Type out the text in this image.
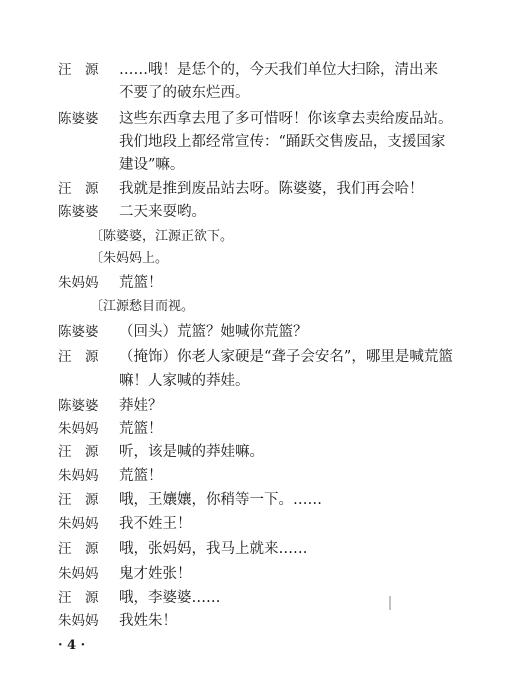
汪　源	……哦！是恁个的，今天我们单位大扫除，清出来
不要了的破东烂西。
陈婆婆	这些东西拿去甩了多可惜呀！你该拿去卖给废品站。
我们地段上都经常宣传：“踊跃交售废品，支援国家
建设”嘛。
汪　源	我就是推到废品站去呀。陈婆婆，我们再会哈！
陈婆婆	二天来耍哟。
〔陈婆婆，江源正欲下。
〔朱妈妈上。
朱妈妈	荒篮！
〔江源愁目而视。
陈婆婆	（回头）荒篮？她喊你荒篮？
汪　源	（掩饰）你老人家硬是“聋子会安名”，哪里是喊荒篮
嘛！人家喊的莽娃。
陈婆婆	莽娃？
朱妈妈	荒篮！
汪　源	听，该是喊的莽娃嘛。
朱妈妈	荒篮！
汪　源	哦，王孃孃，你稍等一下。……
朱妈妈	我不姓王！
汪　源	哦，张妈妈，我马上就来……
朱妈妈	鬼才姓张！
汪　源	哦，李婆婆……
朱妈妈	我姓朱！
· 4 ·
